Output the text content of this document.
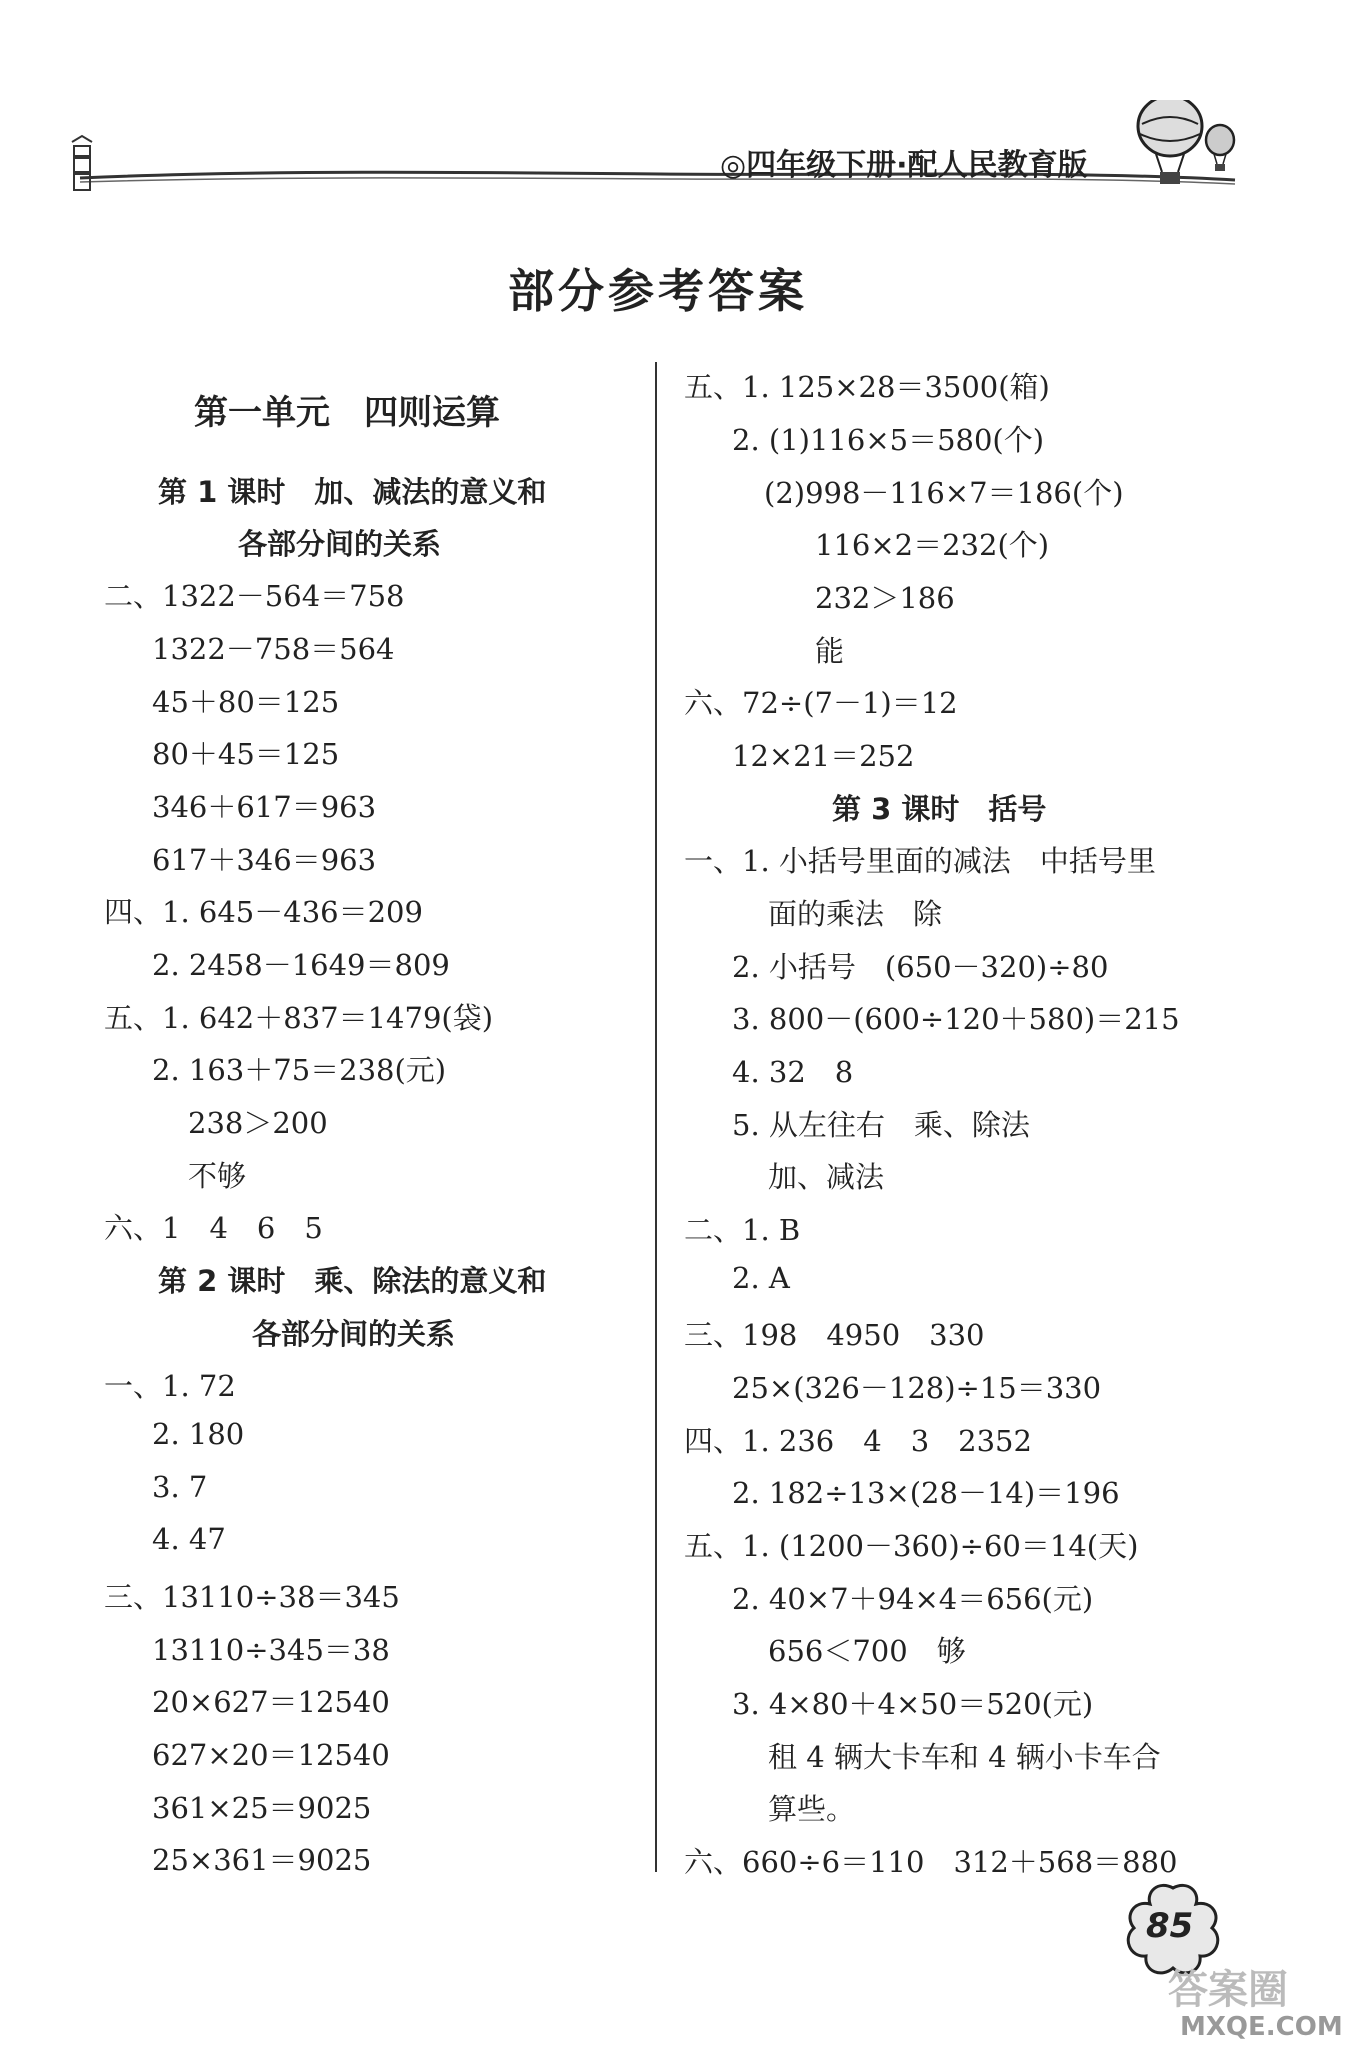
◎四年级下册·配人民教育版
部分参考答案
第一单元　四则运算
第 1 课时　加、减法的意义和
各部分间的关系
二、1322－564＝758
1322－758＝564
45＋80＝125
80＋45＝125
346＋617＝963
617＋346＝963
四、1. 645－436＝209
2. 2458－1649＝809
五、1. 642＋837＝1479(袋)
2. 163＋75＝238(元)
238＞200
不够
六、1　4　6　5
第 2 课时　乘、除法的意义和
各部分间的关系
一、1. 72
2. 180
3. 7
4. 47
三、13110÷38＝345
13110÷345＝38
20×627＝12540
627×20＝12540
361×25＝9025
25×361＝9025
五、1. 125×28＝3500(箱)
2. (1)116×5＝580(个)
(2)998－116×7＝186(个)
116×2＝232(个)
232＞186
能
六、72÷(7－1)＝12
12×21＝252
第 3 课时　括号
一、1. 小括号里面的减法　中括号里
面的乘法　除
2. 小括号　(650－320)÷80
3. 800－(600÷120＋580)＝215
4. 32　8
5. 从左往右　乘、除法
加、减法
二、1. B
2. A
三、198　4950　330
25×(326－128)÷15＝330
四、1. 236　4　3　2352
2. 182÷13×(28－14)＝196
五、1. (1200－360)÷60＝14(天)
2. 40×7＋94×4＝656(元)
656＜700　够
3. 4×80＋4×50＝520(元)
租 4 辆大卡车和 4 辆小卡车合
算些。
六、660÷6＝110　312＋568＝880
85
答案圈
MXQE.COM
